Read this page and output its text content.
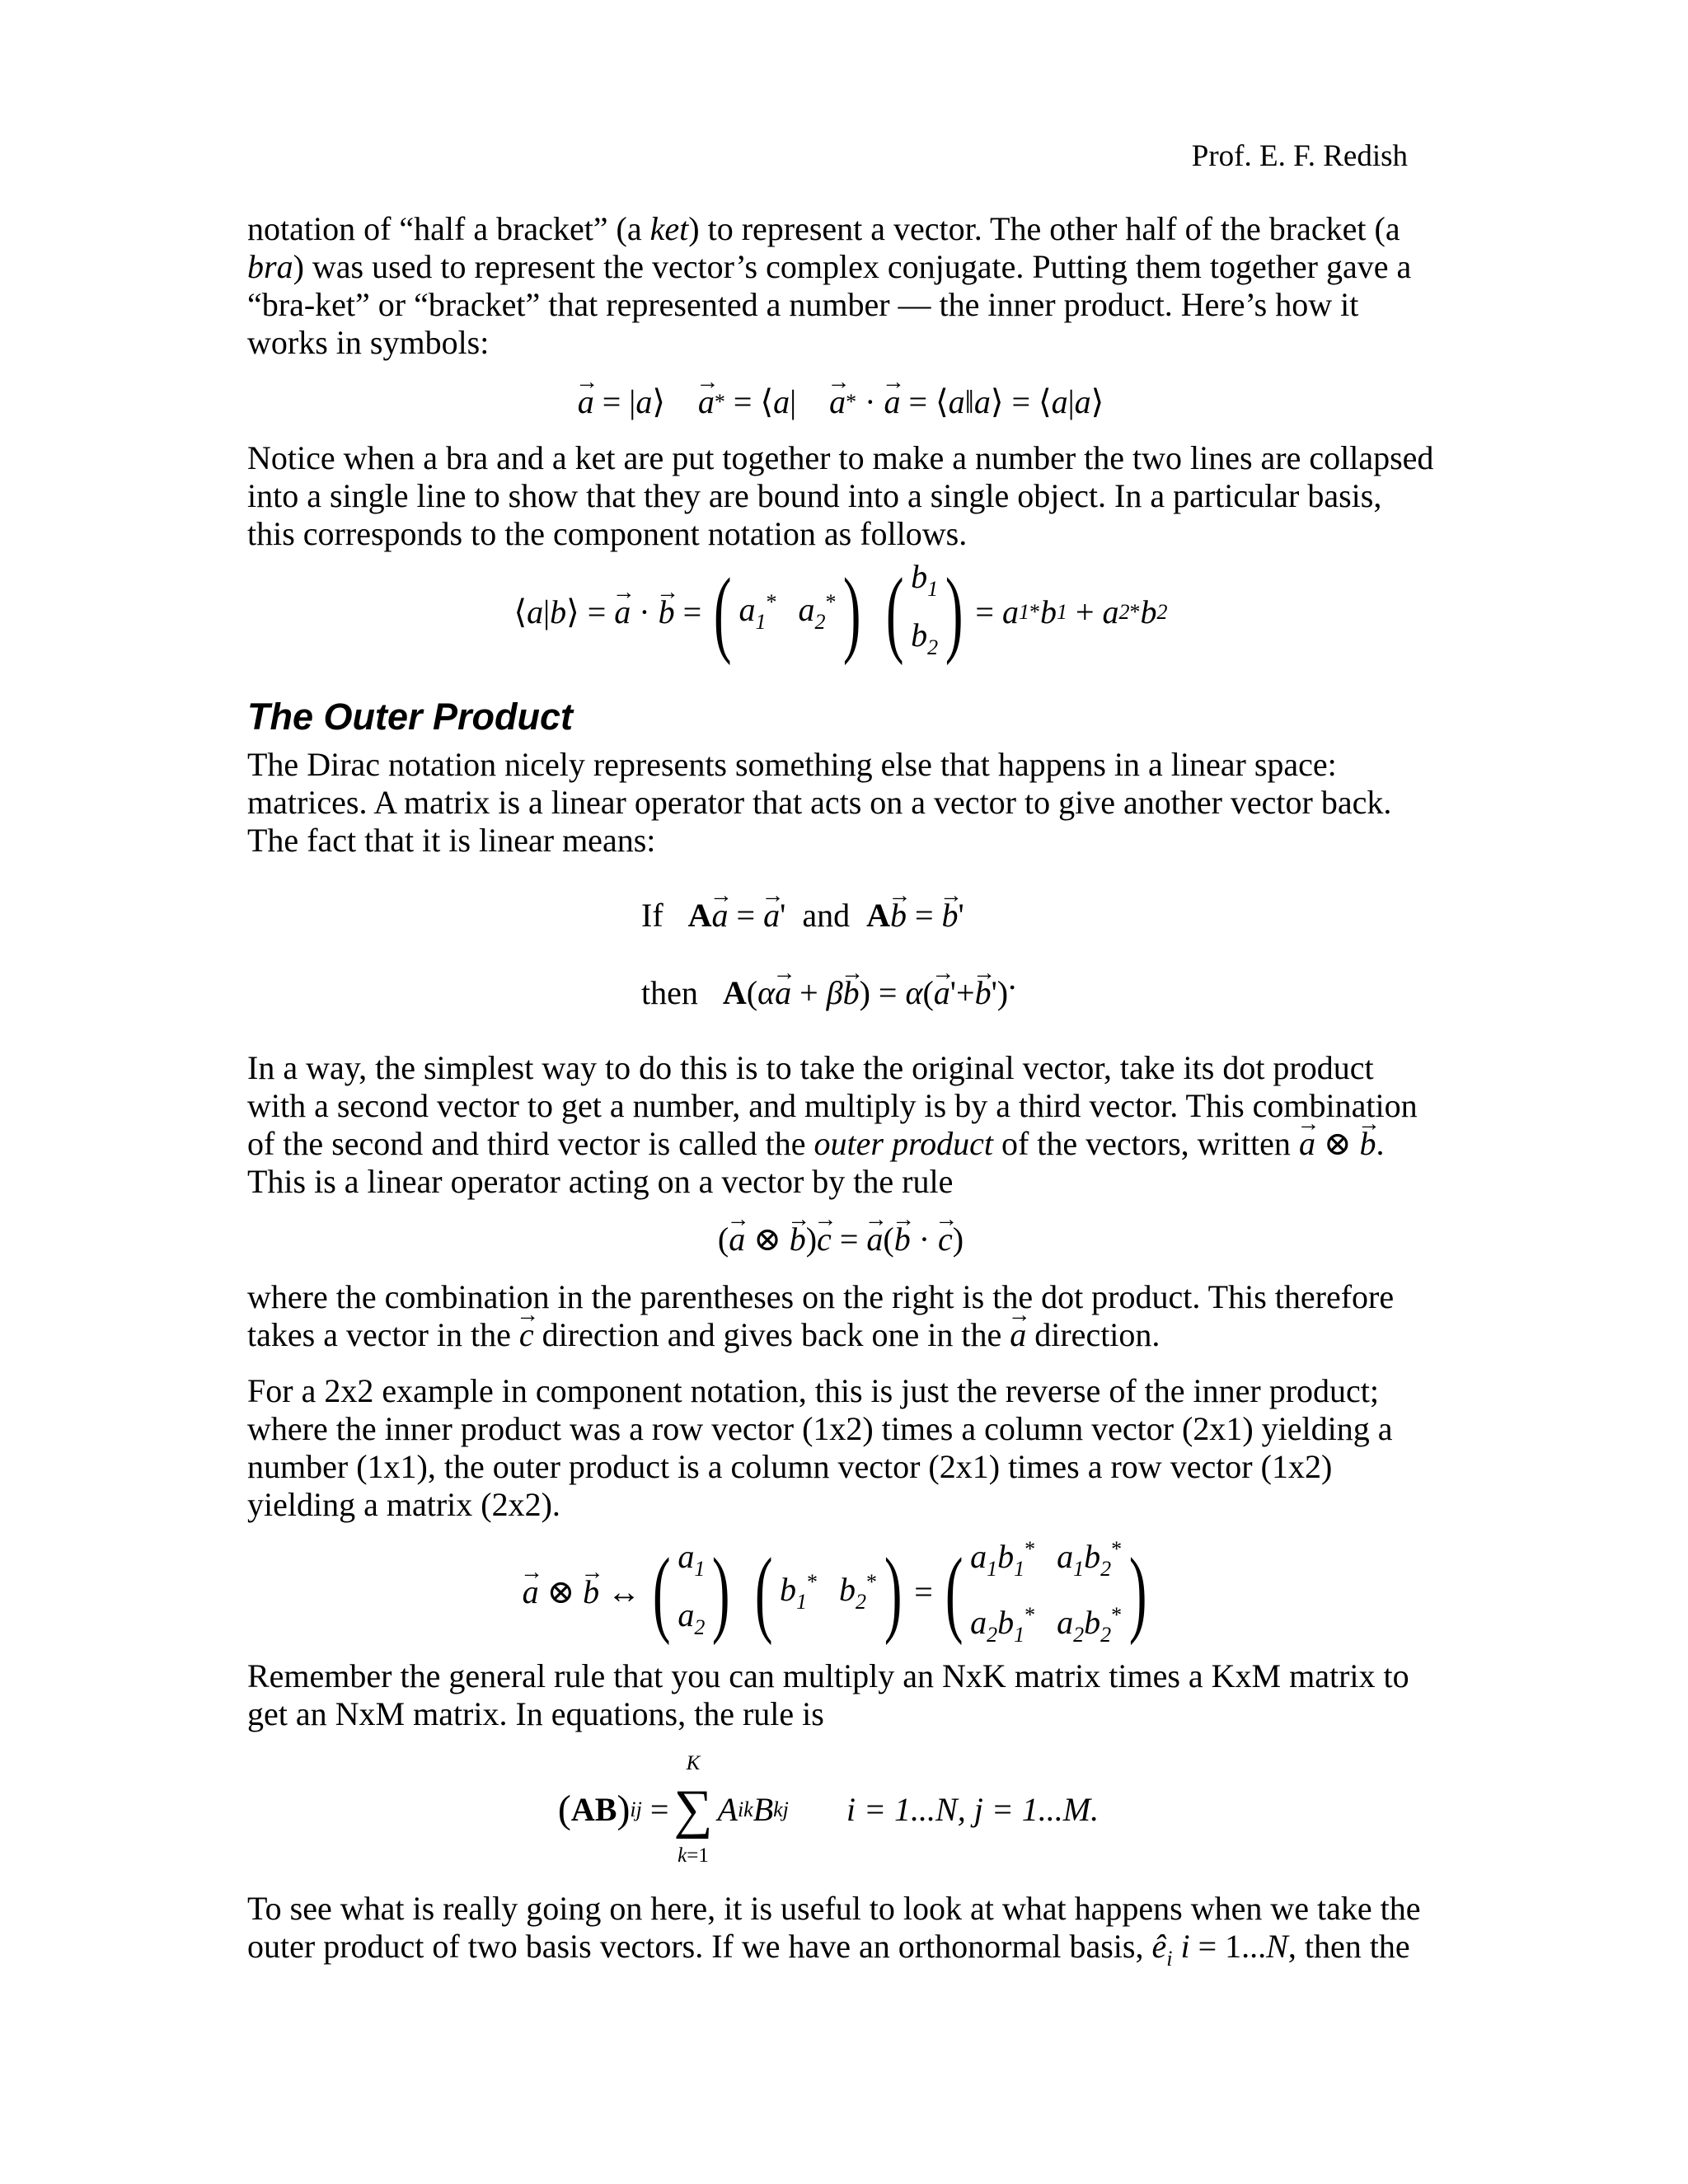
Prof. E. F. Redish

notation of “half a bracket” (a ket) to represent a vector. The other half of the bracket (a bra) was used to represent the vector’s complex conjugate. Putting them together gave a “bra-ket” or “bracket” that represented a number — the inner product. Here’s how it works in symbols:

→ a
=
| a ⟩
→ a *
=
⟨ a |
→ a *
·
→ a
=
⟨ a ‖ a ⟩
=
⟨ a | a ⟩

Notice when a bra and a ket are put together to make a number the two lines are collapsed into a single line to show that they are bound into a single object. In a particular basis, this corresponds to the component notation as follows.

⟨ a | b ⟩
=
→ a
·
→ b
= ( $a_1^*$ $a_2^*$ ) ( $b_1$
$b_2$ ) = a 1 * b 1
+ a 2 * b 2
The Outer Product

The Dirac notation nicely represents something else that happens in a linear space: matrices. A matrix is a linear operator that acts on a vector to give another vector back. The fact that it is linear means:

If A→ a = → a'  and A→ b = → b'
then A(α→ a + β→ b) = α(→ a'+→ b').

In a way, the simplest way to do this is to take the original vector, take its dot product with a second vector to get a number, and multiply is by a third vector. This combination of the second and third vector is called the outer product of the vectors, written → a ⊗ → b.
This is a linear operator acting on a vector by the rule

( → a
⊗
→ b ) → c
=
→ a ( → b
·
→ c )

where the combination in the parentheses on the right is the dot product. This therefore takes a vector in the → c direction and gives back one in the → a direction.

For a 2x2 example in component notation, this is just the reverse of the inner product; where the inner product was a row vector (1x2) times a column vector (2x1) yielding a number (1x1), the outer product is a column vector (2x1) times a row vector (1x2) yielding a matrix (2x2).

→ a
⊗
→ b
↔ ( $a_1$
$a_2$ ) ( $b_1^*$ $b_2^*$ ) = ( $a_1b_1^*$ $a_1b_2^*$
$a_2b_1^*$ $a_2b_2^*$ )

Remember the general rule that you can multiply an NxK matrix times a KxM matrix to get an NxM matrix. In equations, the rule is

( AB ) ij
=
K
∑
k=1
A ik B kj i = 1...N, j = 1...M.

To see what is really going on here, it is useful to look at what happens when we take the outer product of two basis vectors. If we have an orthonormal basis, $ê_i$ i = 1...N, then the
